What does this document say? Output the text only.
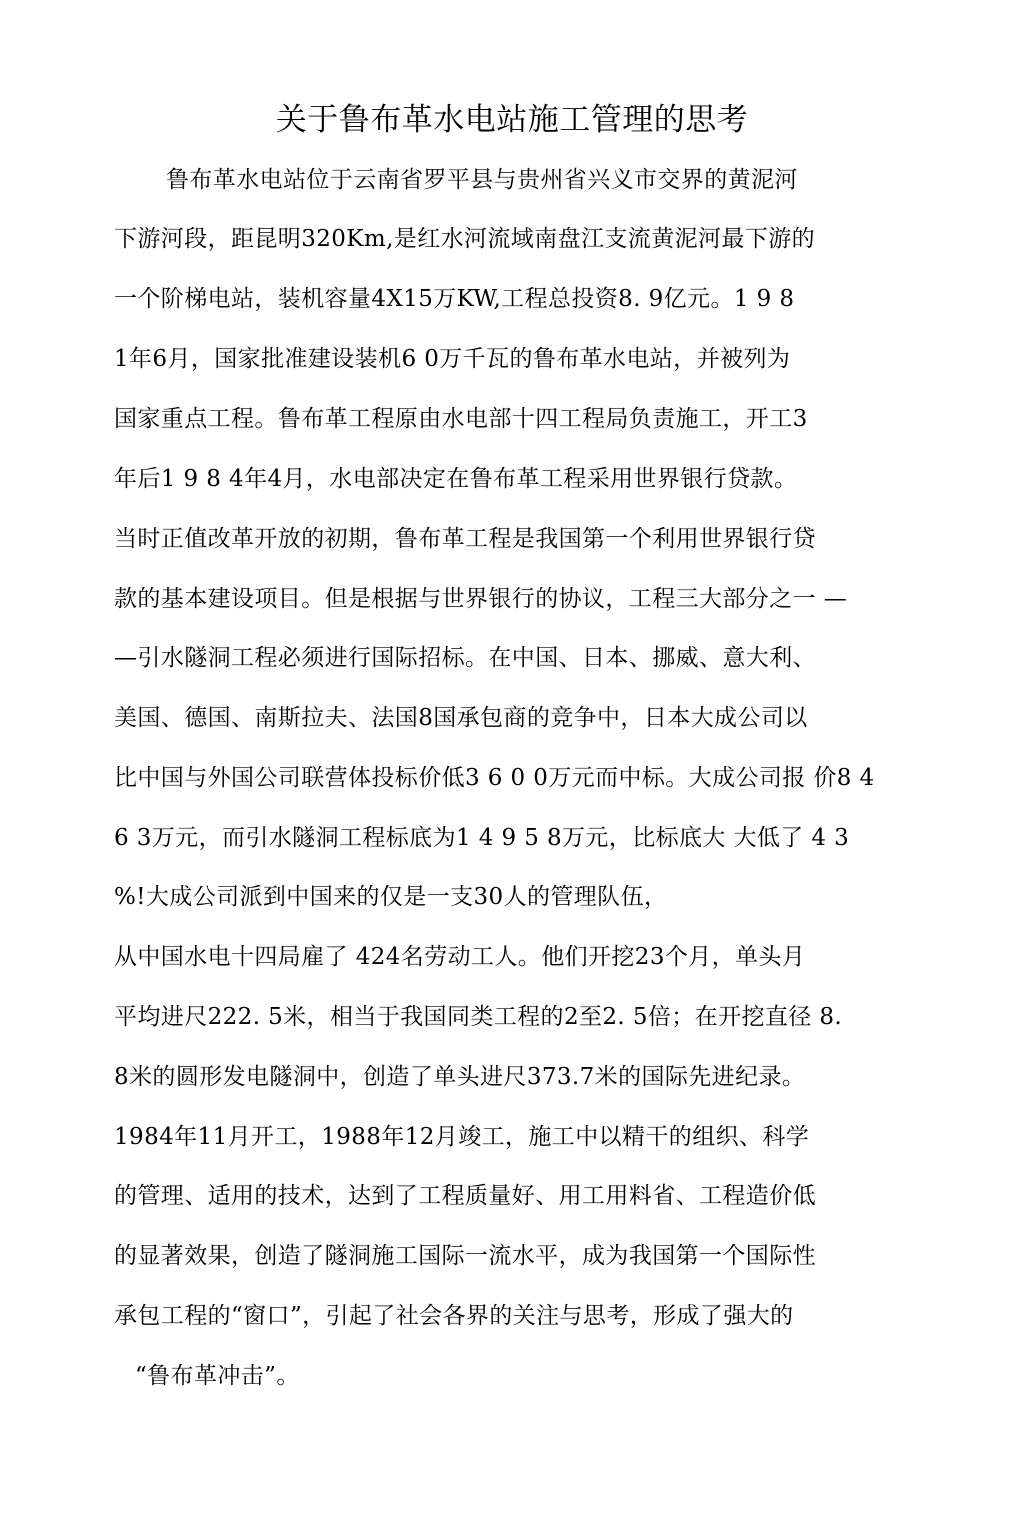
关于鲁布革水电站施工管理的思考
鲁布革水电站位于云南省罗平县与贵州省兴义市交界的黄泥河
下游河段，距昆明320Km,是红水河流域南盘江支流黄泥河最下游的
一个阶梯电站，装机容量4X15万KW,工程总投资8. 9亿元。1 9 8
1年6月，国家批准建设装机6 0万千瓦的鲁布革水电站，并被列为
国家重点工程。鲁布革工程原由水电部十四工程局负责施工，开工3
年后1 9 8 4年4月，水电部决定在鲁布革工程采用世界银行贷款。
当时正值改革开放的初期，鲁布革工程是我国第一个利用世界银行贷
款的基本建设项目。但是根据与世界银行的协议，工程三大部分之一 —
—引水隧洞工程必须进行国际招标。在中国、日本、挪威、意大利、
美国、德国、南斯拉夫、法国8国承包商的竞争中，日本大成公司以
比中国与外国公司联营体投标价低3 6 0 0万元而中标。大成公司报 价8 4
6 3万元，而引水隧洞工程标底为1 4 9 5 8万元，比标底大 大低了 4 3
%!大成公司派到中国来的仅是一支30人的管理队伍，
从中国水电十四局雇了 424名劳动工人。他们开挖23个月，单头月
平均进尺222. 5米，相当于我国同类工程的2至2. 5倍；在开挖直径 8.
8米的圆形发电隧洞中，创造了单头进尺373.7米的国际先进纪录。
1984年11月开工，1988年12月竣工，施工中以精干的组织、科学
的管理、适用的技术，达到了工程质量好、用工用料省、工程造价低
的显著效果，创造了隧洞施工国际一流水平，成为我国第一个国际性
承包工程的“窗口”，引起了社会各界的关注与思考，形成了强大的
“鲁布革冲击”。
